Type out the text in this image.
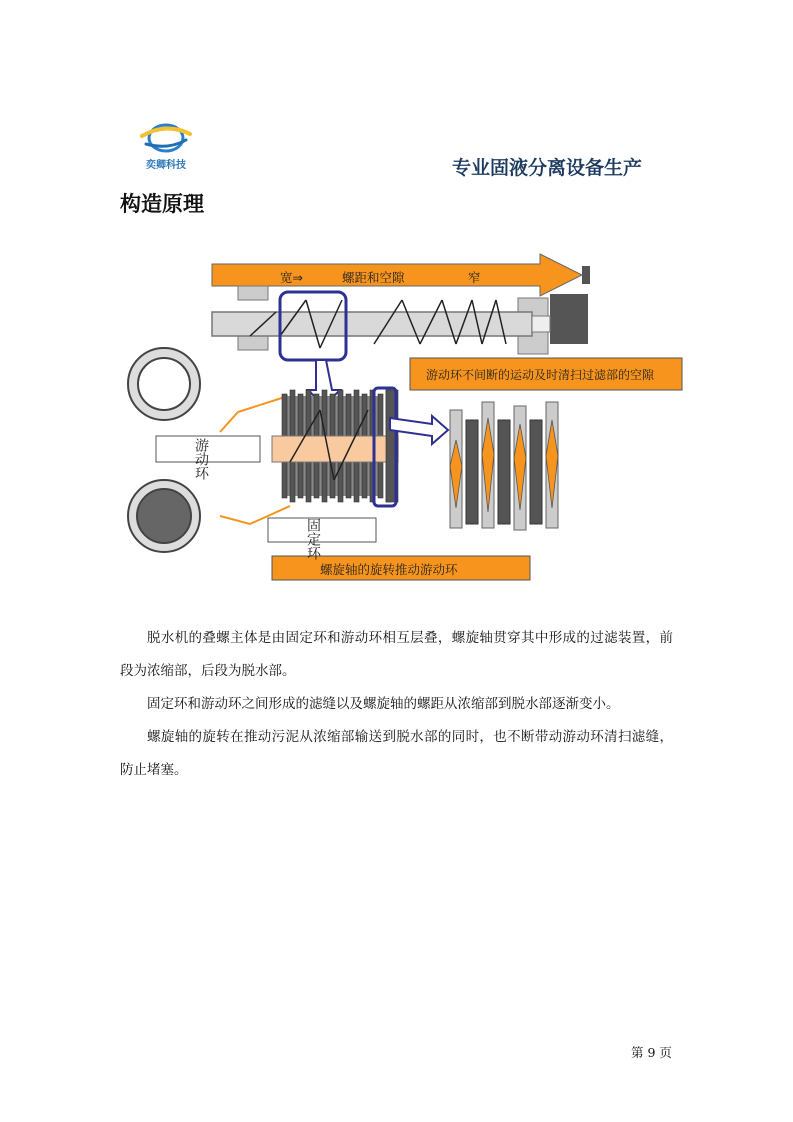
奕卿科技	专业固液分离设备生产
构造原理
宽⇒	螺距和空隙	窄
游动环不间断的运动及时清扫过滤部的空隙
游动环
固定环
螺旋轴的旋转推动游动环
脱水机的叠螺主体是由固定环和游动环相互层叠，螺旋轴贯穿其中形成的过滤装置，前段为浓缩部，后段为脱水部。
固定环和游动环之间形成的滤缝以及螺旋轴的螺距从浓缩部到脱水部逐渐变小。
螺旋轴的旋转在推动污泥从浓缩部输送到脱水部的同时，也不断带动游动环清扫滤缝，防止堵塞。
第 9 页
